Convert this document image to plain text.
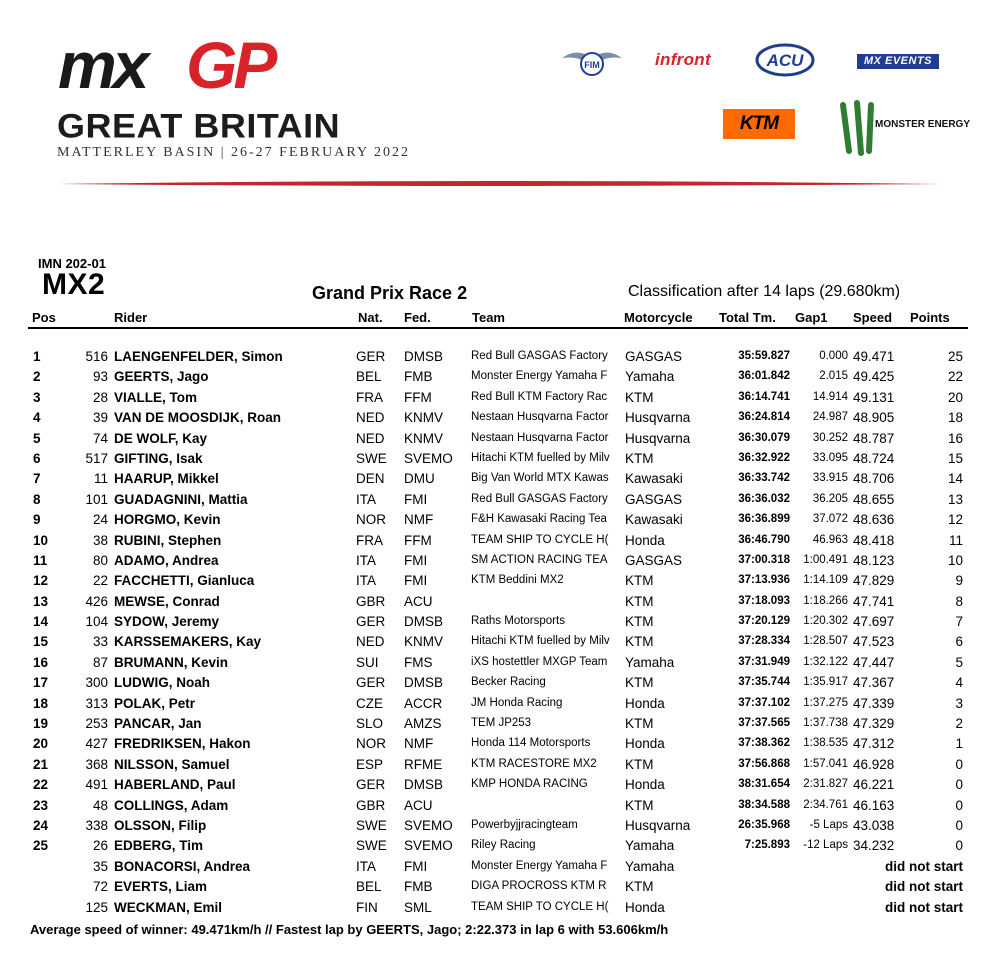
mx GP
GREAT BRITAIN
MATTERLEY BASIN | 26-27 FEBRUARY 2022
FIM	infront	ACU	MX EVENTS
KTM	MONSTER ENERGY
IMN 202-01
MX2	Grand Prix Race 2	Classification after 14 laps (29.680km)
Pos	Rider	Nat. Fed.	Team	Motorcycle Total Tm. Gap1 Speed Points
1	516 LAENGENFELDER, Simon	GER DMSB Red Bull GASGAS Factory	GASGAS	35:59.827	0.000 49.471	25
2	93 GEERTS, Jago	BEL FMB	Monster Energy Yamaha F	Yamaha	36:01.842	2.015 49.425	22
3	28 VIALLE, Tom	FRA FFM	Red Bull KTM Factory Rac	KTM	36:14.741	14.914 49.131	20
4	39 VAN DE MOOSDIJK, Roan	NED KNMV Nestaan Husqvarna Factor	Husqvarna	36:24.814	24.987 48.905	18
5	74 DE WOLF, Kay	NED KNMV Nestaan Husqvarna Factor	Husqvarna	36:30.079	30.252 48.787	16
6	517 GIFTING, Isak	SWE SVEMO Hitachi KTM fuelled by Milv	KTM	36:32.922	33.095 48.724	15
7	11 HAARUP, Mikkel	DEN DMU	Big Van World MTX Kawas	Kawasaki	36:33.742	33.915 48.706	14
8	101 GUADAGNINI, Mattia	ITA FMI	Red Bull GASGAS Factory	GASGAS	36:36.032	36.205 48.655	13
9	24 HORGMO, Kevin	NOR NMF	F&H Kawasaki Racing Tea	Kawasaki	36:36.899	37.072 48.636	12
10	38 RUBINI, Stephen	FRA FFM	TEAM SHIP TO CYCLE H(	Honda	36:46.790	46.963 48.418	11
11	80 ADAMO, Andrea	ITA FMI	SM ACTION RACING TEA	GASGAS	37:00.318	1:00.491 48.123	10
12	22 FACCHETTI, Gianluca	ITA FMI	KTM Beddini MX2	KTM	37:13.936	1:14.109 47.829	9
13	426 MEWSE, Conrad	GBR ACU	KTM	37:18.093	1:18.266 47.741	8
14	104 SYDOW, Jeremy	GER DMSB Raths Motorsports	KTM	37:20.129	1:20.302 47.697	7
15	33 KARSSEMAKERS, Kay	NED KNMV Hitachi KTM fuelled by Milv	KTM	37:28.334	1:28.507 47.523	6
16	87 BRUMANN, Kevin	SUI FMS	iXS hostettler MXGP Team	Yamaha	37:31.949	1:32.122 47.447	5
17	300 LUDWIG, Noah	GER DMSB Becker Racing	KTM	37:35.744	1:35.917 47.367	4
18	313 POLAK, Petr	CZE ACCR JM Honda Racing	Honda	37:37.102	1:37.275 47.339	3
19	253 PANCAR, Jan	SLO AMZS	TEM JP253	KTM	37:37.565	1:37.738 47.329	2
20	427 FREDRIKSEN, Hakon	NOR NMF	Honda 114 Motorsports	Honda	37:38.362	1:38.535 47.312	1
21	368 NILSSON, Samuel	ESP RFME	KTM RACESTORE MX2	KTM	37:56.868	1:57.041 46.928	0
22	491 HABERLAND, Paul	GER DMSB KMP HONDA RACING	Honda	38:31.654	2:31.827 46.221	0
23	48 COLLINGS, Adam	GBR ACU	KTM	38:34.588	2:34.761 46.163	0
24	338 OLSSON, Filip	SWE SVEMO Powerbyjjracingteam	Husqvarna	26:35.968	-5 Laps 43.038	0
25	26 EDBERG, Tim	SWE SVEMO Riley Racing	Yamaha	7:25.893	-12 Laps 34.232	0
35 BONACORSI, Andrea	ITA FMI	Monster Energy Yamaha F	Yamaha	did not start
72 EVERTS, Liam	BEL FMB	DIGA PROCROSS KTM R	KTM	did not start
125 WECKMAN, Emil	FIN SML	TEAM SHIP TO CYCLE H(	Honda	did not start
Average speed of winner: 49.471km/h // Fastest lap by GEERTS, Jago; 2:22.373 in lap 6 with 53.606km/h
